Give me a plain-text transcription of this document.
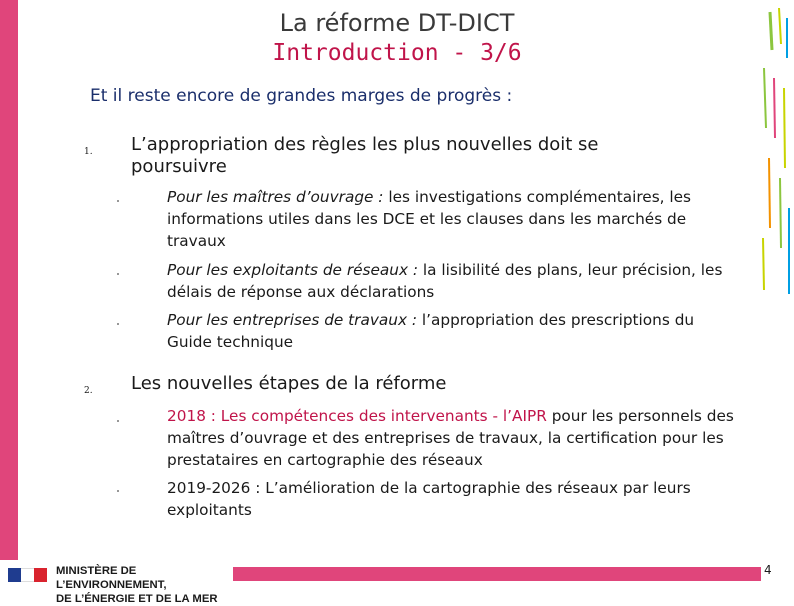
La réforme DT-DICT
Introduction - 3/6
Et il reste encore de grandes marges de progrès :
1. L’appropriation des règles les plus nouvelles doit se poursuivre
Pour les maîtres d’ouvrage : les investigations complémentaires, les informations utiles dans les DCE et les clauses dans les marchés de travaux
Pour les exploitants de réseaux : la lisibilité des plans, leur précision, les délais de réponse aux déclarations
Pour les entreprises de travaux : l’appropriation des prescriptions du Guide technique
2. Les nouvelles étapes de la réforme
2018 : Les compétences des intervenants - l’AIPR pour les personnels des maîtres d’ouvrage et des entreprises de travaux, la certification pour les prestataires en cartographie des réseaux
2019-2026 : L’amélioration de la cartographie des réseaux par leurs exploitants
MINISTÈRE DE L’ENVIRONNEMENT,
DE L’ÉNERGIE ET DE LA MER
4
